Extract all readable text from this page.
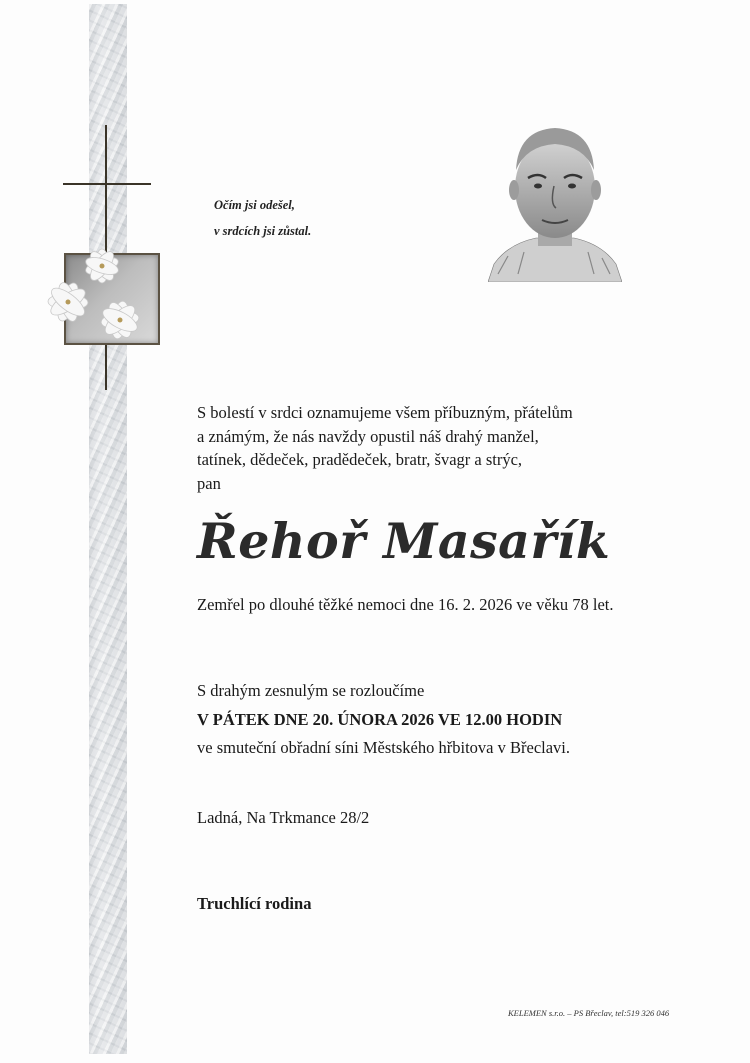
Očím jsi odešel,
v srdcích jsi zůstal.
S bolestí v srdci oznamujeme všem příbuzným, přátelům
a známým, že nás navždy opustil náš drahý manžel,
tatínek, dědeček, pradědeček, bratr, švagr a strýc,
pan
Řehoř Masařík
Zemřel po dlouhé těžké nemoci dne 16. 2. 2026 ve věku 78 let.
S drahým zesnulým se rozloučíme
V PÁTEK DNE 20. ÚNORA 2026 VE 12.00 HODIN
ve smuteční obřadní síni Městského hřbitova v Břeclavi.
Ladná, Na Trkmance 28/2
Truchlící rodina
KELEMEN s.r.o. – PS Břeclav, tel:519 326 046
